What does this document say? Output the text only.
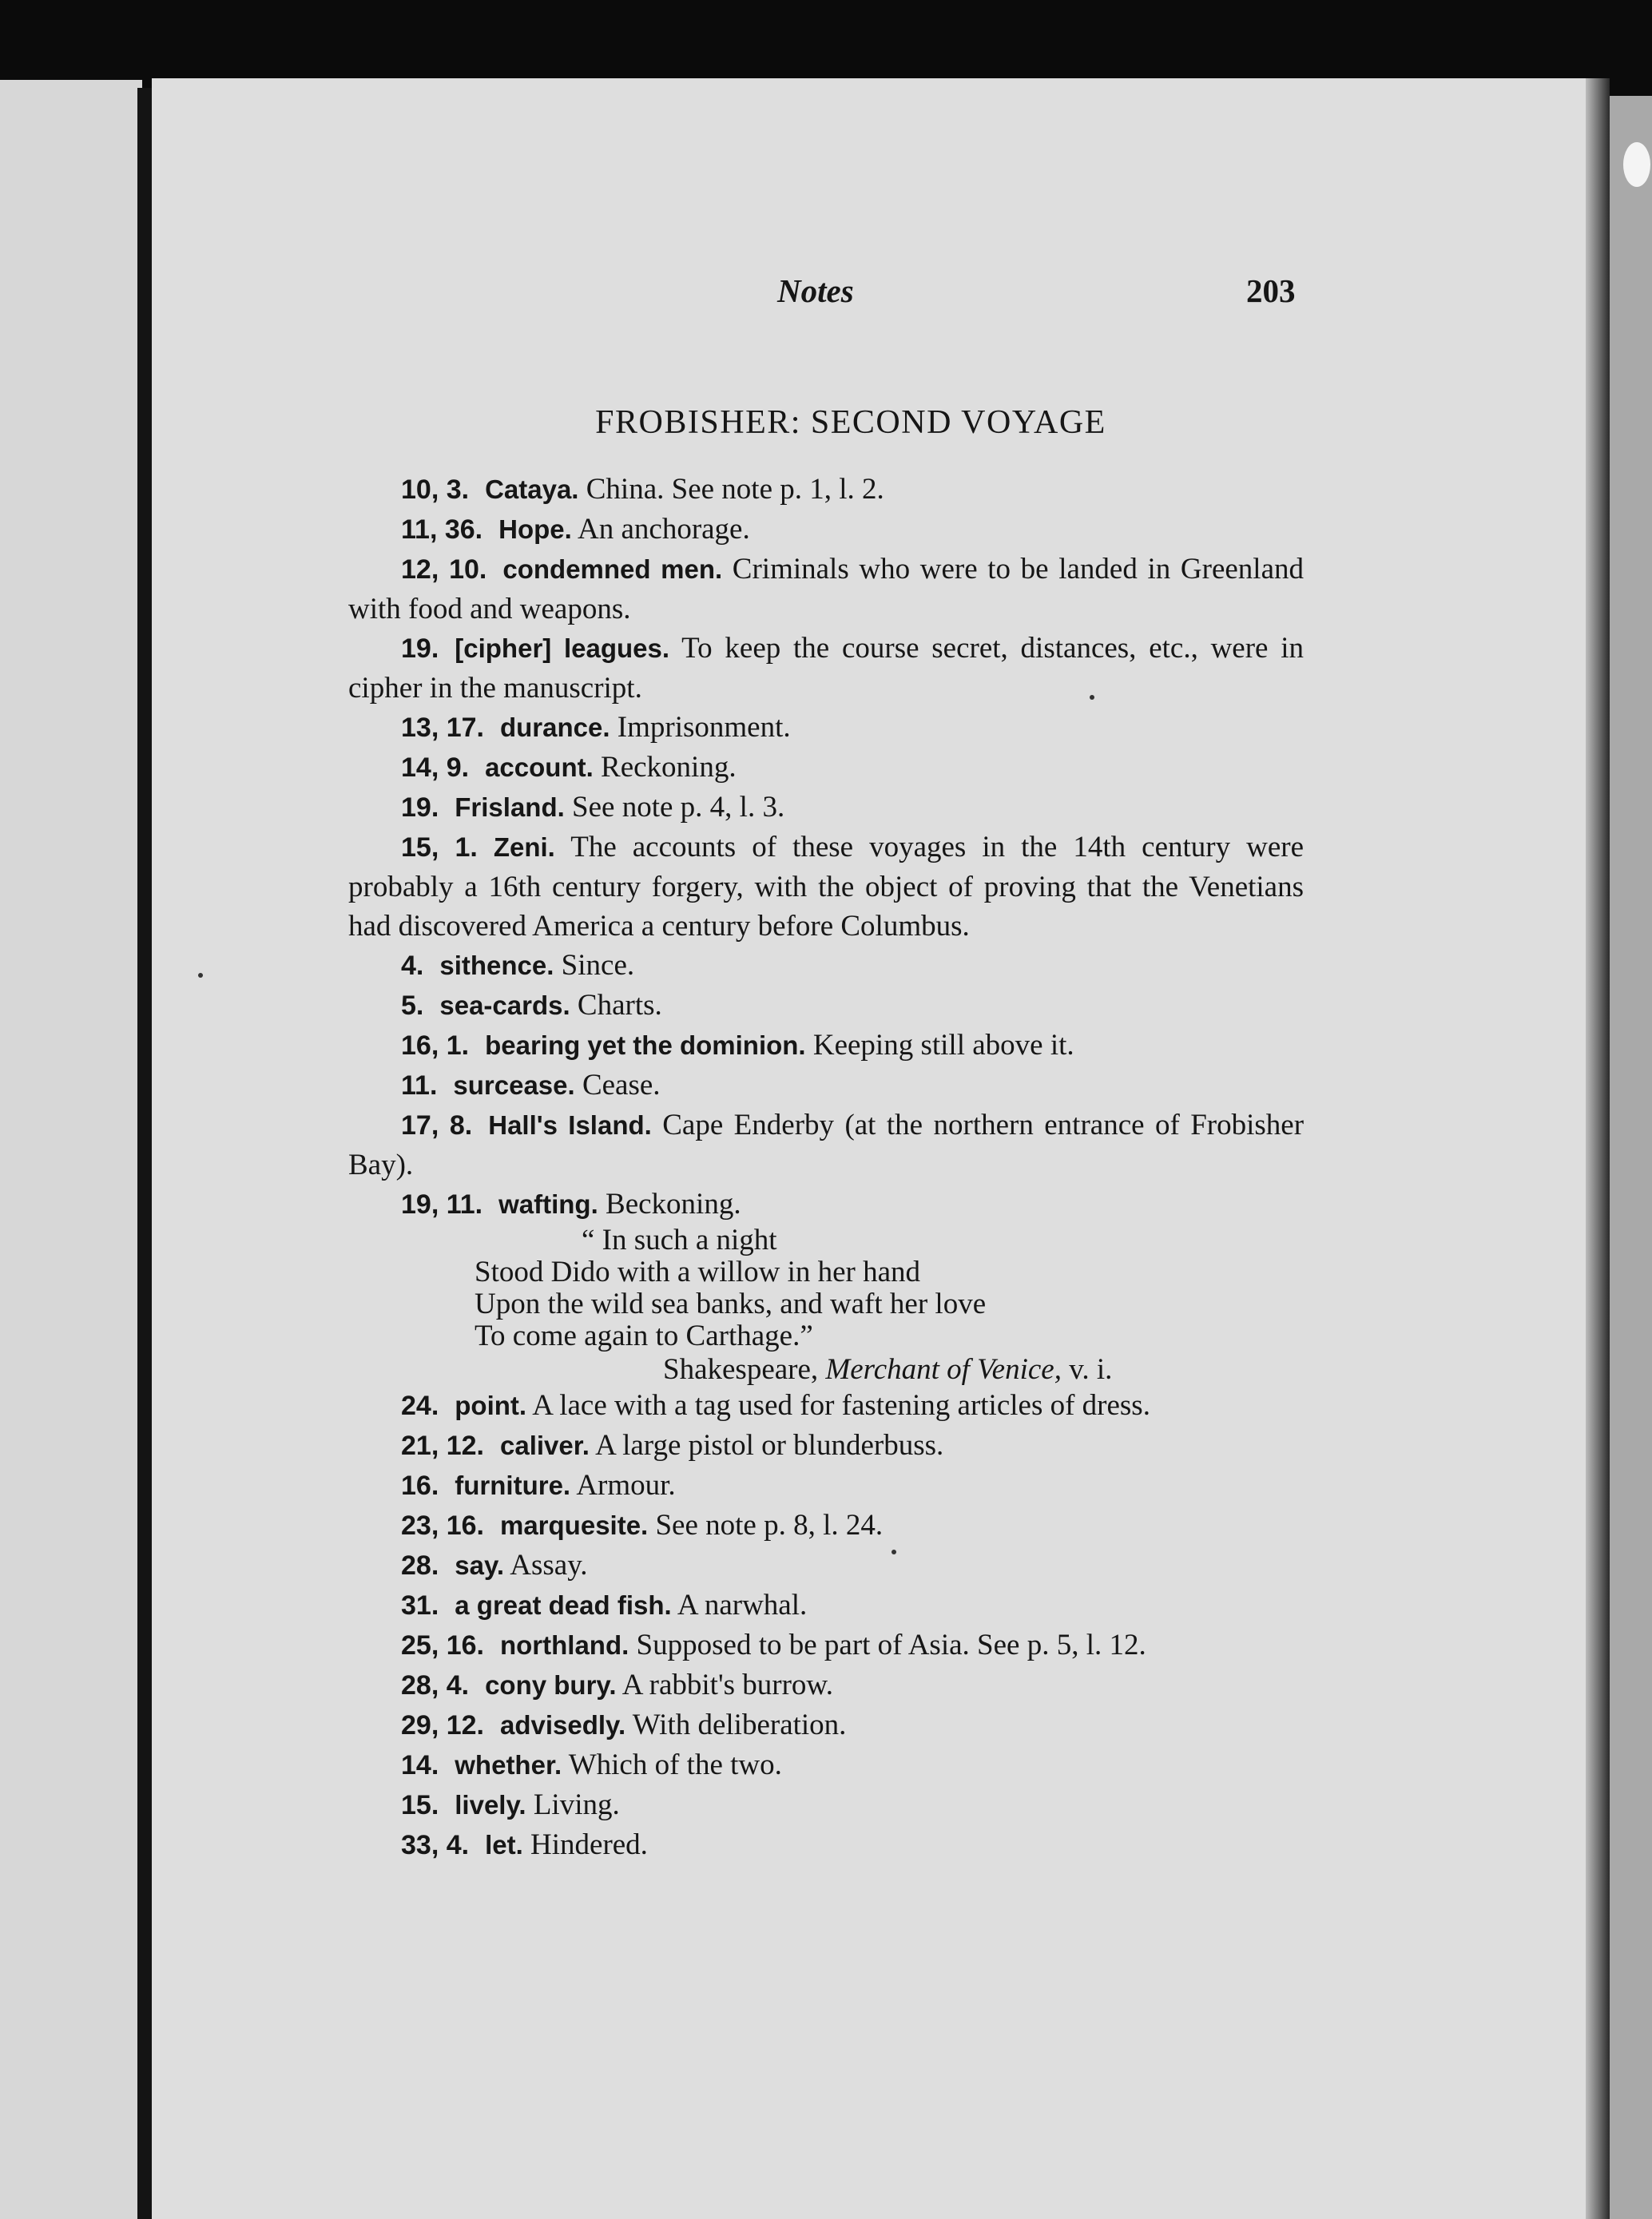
Notes	203
FROBISHER: SECOND VOYAGE
10, 3. Cataya. China. See note p. 1, l. 2.
11, 36. Hope. An anchorage.
12, 10. condemned men. Criminals who were to be landed in Greenland with food and weapons.
19. [cipher] leagues. To keep the course secret, distances, etc., were in cipher in the manuscript.
13, 17. durance. Imprisonment.
14, 9. account. Reckoning.
19. Frisland. See note p. 4, l. 3.
15, 1. Zeni. The accounts of these voyages in the 14th century were probably a 16th century forgery, with the object of proving that the Venetians had discovered America a century before Columbus.
4. sithence. Since.
5. sea-cards. Charts.
16, 1. bearing yet the dominion. Keeping still above it.
11. surcease. Cease.
17, 8. Hall's Island. Cape Enderby (at the northern entrance of Frobisher Bay).
19, 11. wafting. Beckoning.
“ In such a night
Stood Dido with a willow in her hand
Upon the wild sea banks, and waft her love
To come again to Carthage.”
Shakespeare, Merchant of Venice, v. i.
24. point. A lace with a tag used for fastening articles of dress.
21, 12. caliver. A large pistol or blunderbuss.
16. furniture. Armour.
23, 16. marquesite. See note p. 8, l. 24.
28. say. Assay.
31. a great dead fish. A narwhal.
25, 16. northland. Supposed to be part of Asia. See p. 5, l. 12.
28, 4. cony bury. A rabbit's burrow.
29, 12. advisedly. With deliberation.
14. whether. Which of the two.
15. lively. Living.
33, 4. let. Hindered.
